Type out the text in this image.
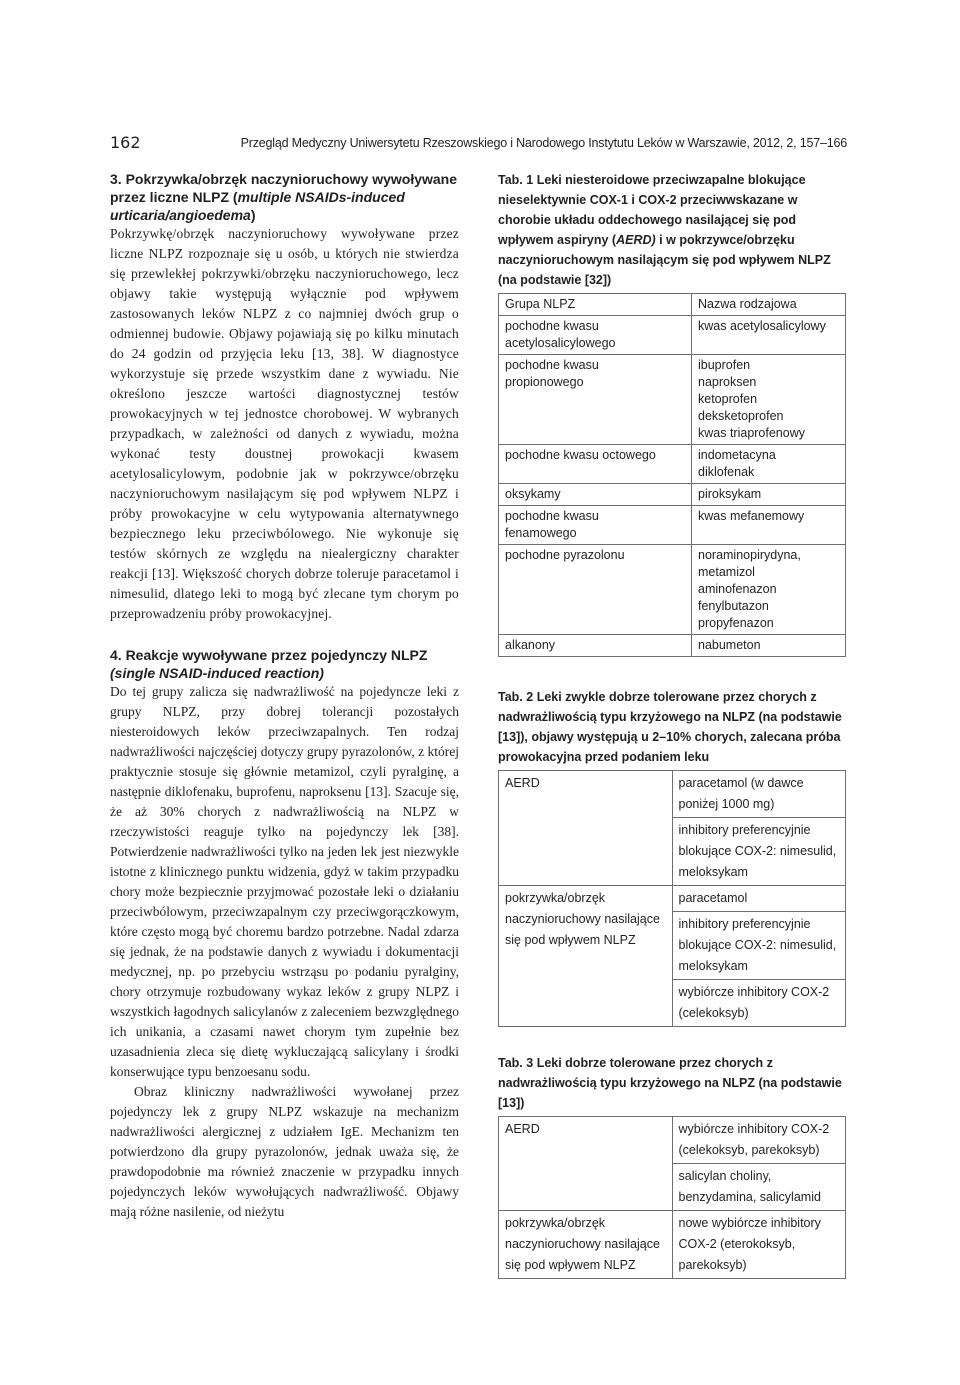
162	Przegląd Medyczny Uniwersytetu Rzeszowskiego i Narodowego Instytutu Leków w Warszawie, 2012, 2, 157–166

3. Pokrzywka/obrzęk naczynioruchowy wywoływane przez liczne NLPZ (multiple NSAIDs-induced urticaria/angioedema)

Pokrzywkę/obrzęk naczynioruchowy wywoływane przez liczne NLPZ rozpoznaje się u osób, u których nie stwierdza się przewlekłej pokrzywki/obrzęku naczynioruchowego, lecz objawy takie występują wyłącznie pod wpływem zastosowanych leków NLPZ z co najmniej dwóch grup o odmiennej budowie. Objawy pojawiają się po kilku minutach do 24 godzin od przyjęcia leku [13, 38]. W diagnostyce wykorzystuje się przede wszystkim dane z wywiadu. Nie określono jeszcze wartości diagnostycznej testów prowokacyjnych w tej jednostce chorobowej. W wybranych przypadkach, w zależności od danych z wywiadu, można wykonać testy doustnej prowokacji kwasem acetylosalicylowym, podobnie jak w pokrzywce/obrzęku naczynioruchowym nasilającym się pod wpływem NLPZ i próby prowokacyjne w celu wytypowania alternatywnego bezpiecznego leku przeciwbólowego. Nie wykonuje się testów skórnych ze względu na niealergiczny charakter reakcji [13]. Większość chorych dobrze toleruje paracetamol i nimesulid, dlatego leki to mogą być zlecane tym chorym po przeprowadzeniu próby prowokacyjnej.

4. Reakcje wywoływane przez pojedynczy NLPZ

(single NSAID-induced reaction)

Do tej grupy zalicza się nadwrażliwość na pojedyncze leki z grupy NLPZ, przy dobrej tolerancji pozostałych niesteroidowych leków przeciwzapalnych. Ten rodzaj nadwrażliwości najczęściej dotyczy grupy pyrazolonów, z której praktycznie stosuje się głównie metamizol, czyli pyralginę, a następnie diklofenaku, buprofenu, naproksenu [13]. Szacuje się, że aż 30% chorych z nadwrażliwością na NLPZ w rzeczywistości reaguje tylko na pojedynczy lek [38]. Potwierdzenie nadwrażliwości tylko na jeden lek jest niezwykle istotne z klinicznego punktu widzenia, gdyż w takim przypadku chory może bezpiecznie przyjmować pozostałe leki o działaniu przeciwbólowym, przeciwzapalnym czy przeciwgorączkowym, które często mogą być choremu bardzo potrzebne. Nadal zdarza się jednak, że na podstawie danych z wywiadu i dokumentacji medycznej, np. po przebyciu wstrząsu po podaniu pyralginy, chory otrzymuje rozbudowany wykaz leków z grupy NLPZ i wszystkich łagodnych salicylanów z zaleceniem bezwzględnego ich unikania, a czasami nawet chorym tym zupełnie bez uzasadnienia zleca się dietę wykluczającą salicylany i środki konserwujące typu benzoesanu sodu.

Obraz kliniczny nadwrażliwości wywołanej przez pojedynczy lek z grupy NLPZ wskazuje na mechanizm nadwrażliwości alergicznej z udziałem IgE. Mechanizm ten potwierdzono dla grupy pyrazolonów, jednak uważa się, że prawdopodobnie ma również znaczenie w przypadku innych pojedynczych leków wywołujących nadwrażliwość. Objawy mają różne nasilenie, od nieżytu

Tab. 1 Leki niesteroidowe przeciwzapalne blokujące nieselektywnie COX-1 i COX-2 przeciwwskazane w chorobie układu oddechowego nasilającej się pod wpływem aspiryny (AERD) i w pokrzywce/obrzęku naczynioruchowym nasilającym się pod wpływem NLPZ (na podstawie [32])

Grupa NLPZ	Nazwa rodzajowa

pochodne kwasu
acetylosalicylowego	kwas acetylosalicylowy

pochodne kwasu
propionowego	ibuprofen
naproksen
ketoprofen
deksketoprofen
kwas triaprofenowy

pochodne kwasu octowego	indometacyna
diklofenak

oksykamy	piroksykam

pochodne kwasu
fenamowego	kwas mefanemowy

pochodne pyrazolonu	noraminopirydyna,
metamizol
aminofenazon
fenylbutazon
propyfenazon

alkanony	nabumeton

Tab. 2 Leki zwykle dobrze tolerowane przez chorych z nadwrażliwością typu krzyżowego na NLPZ (na podstawie [13]), objawy występują u 2–10% chorych, zalecana próba prowokacyjna przed podaniem leku

AERD	paracetamol (w dawce poniżej 1000 mg)
	inhibitory preferencyjnie blokujące COX-2: nimesulid, meloksykam
pokrzywka/obrzęk naczynioruchowy nasilające się pod wpływem NLPZ	paracetamol
	inhibitory preferencyjnie blokujące COX-2: nimesulid, meloksykam
	wybiórcze inhibitory COX-2 (celekoksyb)

Tab. 3 Leki dobrze tolerowane przez chorych z nadwrażliwością typu krzyżowego na NLPZ (na podstawie [13])

AERD	wybiórcze inhibitory COX-2 (celekoksyb, parekoksyb)
	salicylan choliny, benzydamina, salicylamid
pokrzywka/obrzęk naczynioruchowy nasilające się pod wpływem NLPZ	nowe wybiórcze inhibitory COX-2 (eterokoksyb, parekoksyb)
